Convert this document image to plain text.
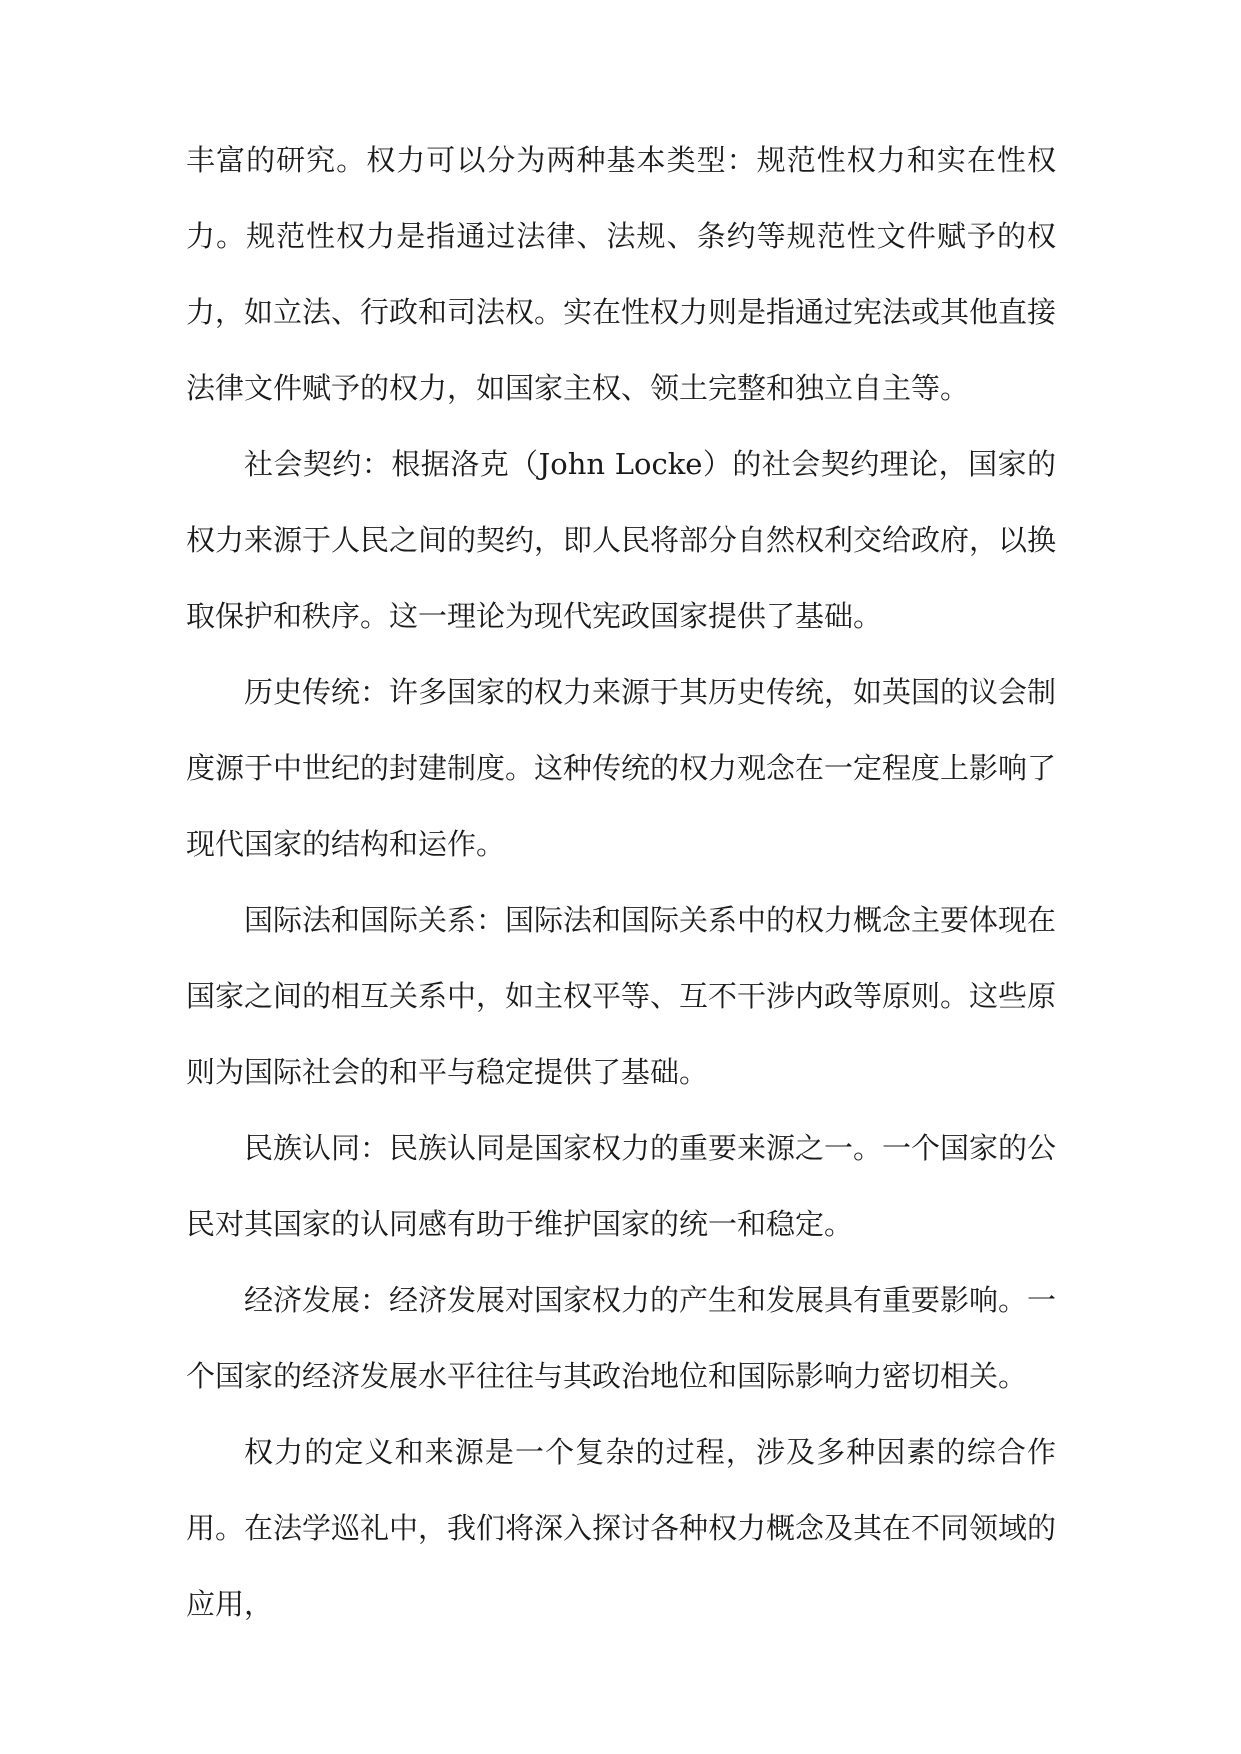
丰富的研究。权力可以分为两种基本类型：规范性权力和实在性权力。规范性权力是指通过法律、法规、条约等规范性文件赋予的权力，如立法、行政和司法权。实在性权力则是指通过宪法或其他直接法律文件赋予的权力，如国家主权、领土完整和独立自主等。

社会契约：根据洛克（John Locke）的社会契约理论，国家的权力来源于人民之间的契约，即人民将部分自然权利交给政府，以换取保护和秩序。这一理论为现代宪政国家提供了基础。

历史传统：许多国家的权力来源于其历史传统，如英国的议会制度源于中世纪的封建制度。这种传统的权力观念在一定程度上影响了现代国家的结构和运作。

国际法和国际关系：国际法和国际关系中的权力概念主要体现在国家之间的相互关系中，如主权平等、互不干涉内政等原则。这些原则为国际社会的和平与稳定提供了基础。

民族认同：民族认同是国家权力的重要来源之一。一个国家的公民对其国家的认同感有助于维护国家的统一和稳定。

经济发展：经济发展对国家权力的产生和发展具有重要影响。一个国家的经济发展水平往往与其政治地位和国际影响力密切相关。

权力的定义和来源是一个复杂的过程，涉及多种因素的综合作用。在法学巡礼中，我们将深入探讨各种权力概念及其在不同领域的应用，
